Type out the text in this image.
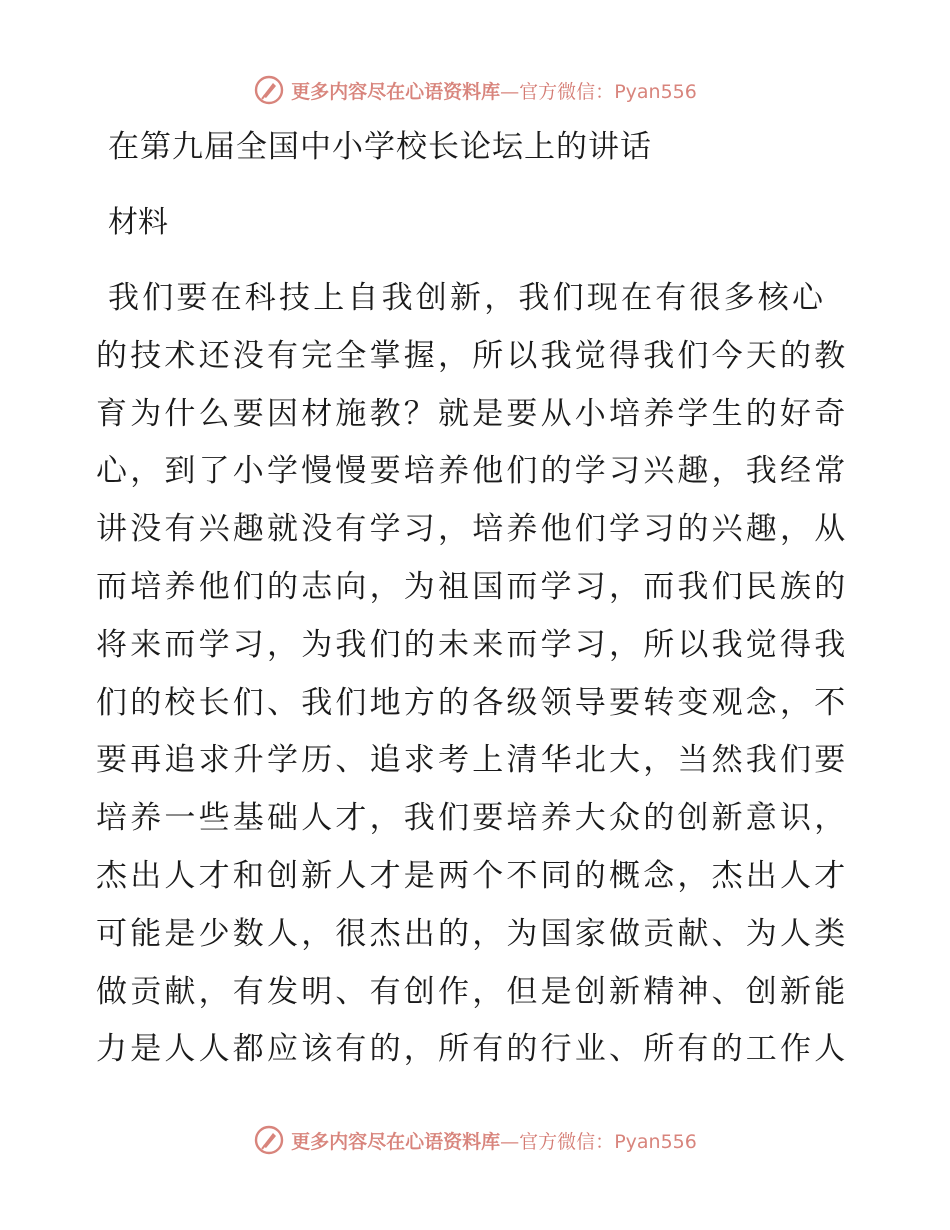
更多内容尽在心语资料库—官方微信：Pyan556
在第九届全国中小学校长论坛上的讲话
材料
我们要在科技上自我创新，我们现在有很多核心
的技术还没有完全掌握，所以我觉得我们今天的教
育为什么要因材施教？就是要从小培养学生的好奇
心，到了小学慢慢要培养他们的学习兴趣，我经常
讲没有兴趣就没有学习，培养他们学习的兴趣，从
而培养他们的志向，为祖国而学习，而我们民族的
将来而学习，为我们的未来而学习，所以我觉得我
们的校长们、我们地方的各级领导要转变观念，不
要再追求升学历、追求考上清华北大，当然我们要
培养一些基础人才，我们要培养大众的创新意识，
杰出人才和创新人才是两个不同的概念，杰出人才
可能是少数人，很杰出的，为国家做贡献、为人类
做贡献，有发明、有创作，但是创新精神、创新能
力是人人都应该有的，所有的行业、所有的工作人
更多内容尽在心语资料库—官方微信：Pyan556
